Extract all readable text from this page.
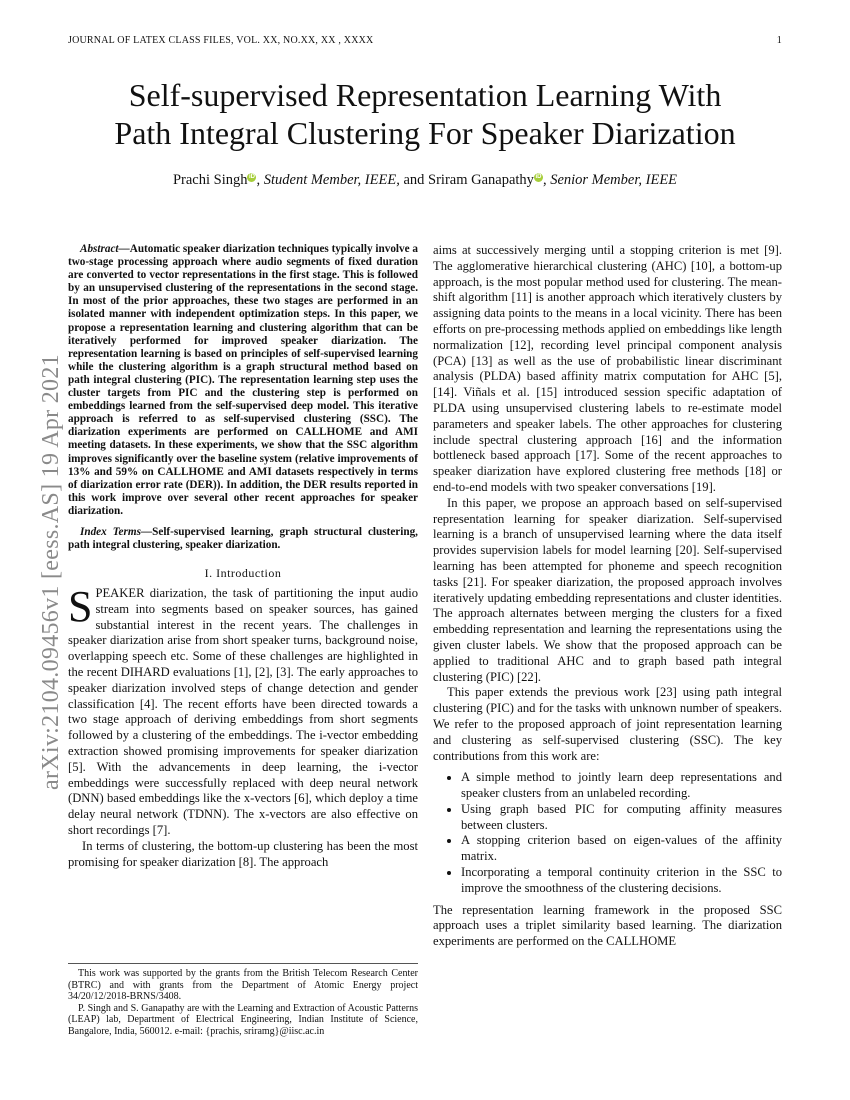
JOURNAL OF LATEX CLASS FILES, VOL. XX, NO.XX, XX , XXXX	1
arXiv:2104.09456v1 [eess.AS] 19 Apr 2021
Self-supervised Representation Learning With
Path Integral Clustering For Speaker Diarization
Prachi Singh iD , Student Member, IEEE, and Sriram Ganapathy iD , Senior Member, IEEE

Abstract—Automatic speaker diarization techniques typically involve a two-stage processing approach where audio segments of fixed duration are converted to vector representations in the first stage. This is followed by an unsupervised clustering of the representations in the second stage. In most of the prior approaches, these two stages are performed in an isolated manner with independent optimization steps. In this paper, we propose a representation learning and clustering algorithm that can be iteratively performed for improved speaker diarization. The representation learning is based on principles of self-supervised learning while the clustering algorithm is a graph structural method based on path integral clustering (PIC). The representation learning step uses the cluster targets from PIC and the clustering step is performed on embeddings learned from the self-supervised deep model. This iterative approach is referred to as self-supervised clustering (SSC). The diarization experiments are performed on CALLHOME and AMI meeting datasets. In these experiments, we show that the SSC algorithm improves significantly over the baseline system (relative improvements of 13% and 59% on CALLHOME and AMI datasets respectively in terms of diarization error rate (DER)). In addition, the DER results reported in this work improve over several other recent approaches for speaker diarization.

Index Terms—Self-supervised learning, graph structural clustering, path integral clustering, speaker diarization.

I. Introduction

SPEAKER diarization, the task of partitioning the input audio stream into segments based on speaker sources, has gained substantial interest in the recent years. The challenges in speaker diarization arise from short speaker turns, background noise, overlapping speech etc. Some of these challenges are highlighted in the recent DIHARD evaluations [1], [2], [3]. The early approaches to speaker diarization involved steps of change detection and gender classification [4]. The recent efforts have been directed towards a two stage approach of deriving embeddings from short segments followed by a clustering of the embeddings. The i-vector embedding extraction showed promising improvements for speaker diarization [5]. With the advancements in deep learning, the i-vector embeddings were successfully replaced with deep neural network (DNN) based embeddings like the x-vectors [6], which deploy a time delay neural network (TDNN). The x-vectors are also effective on short recordings [7].

In terms of clustering, the bottom-up clustering has been the most promising for speaker diarization [8]. The approach

This work was supported by the grants from the British Telecom Research Center (BTRC) and with grants from the Department of Atomic Energy project 34/20/12/2018-BRNS/3408.

P. Singh and S. Ganapathy are with the Learning and Extraction of Acoustic Patterns (LEAP) lab, Department of Electrical Engineering, Indian Institute of Science, Bangalore, India, 560012. e-mail: {prachis, sriramg}@iisc.ac.in

aims at successively merging until a stopping criterion is met [9]. The agglomerative hierarchical clustering (AHC) [10], a bottom-up approach, is the most popular method used for clustering. The mean-shift algorithm [11] is another approach which iteratively clusters by assigning data points to the means in a local vicinity. There has been efforts on pre-processing methods applied on embeddings like length normalization [12], recording level principal component analysis (PCA) [13] as well as the use of probabilistic linear discriminant analysis (PLDA) based affinity matrix computation for AHC [5], [14]. Viñals et al. [15] introduced session specific adaptation of PLDA using unsupervised clustering labels to re-estimate model parameters and speaker labels. The other approaches for clustering include spectral clustering approach [16] and the information bottleneck based approach [17]. Some of the recent approaches to speaker diarization have explored clustering free methods [18] or end-to-end models with two speaker conversations [19].

In this paper, we propose an approach based on self-supervised representation learning for speaker diarization. Self-supervised learning is a branch of unsupervised learning where the data itself provides supervision labels for model learning [20]. Self-supervised learning has been attempted for phoneme and speech recognition tasks [21]. For speaker diarization, the proposed approach involves iteratively updating embedding representations and cluster identities. The approach alternates between merging the clusters for a fixed embedding representation and learning the representations using the given cluster labels. We show that the proposed approach can be applied to traditional AHC and to graph based path integral clustering (PIC) [22].

This paper extends the previous work [23] using path integral clustering (PIC) and for the tasks with unknown number of speakers. We refer to the proposed approach of joint representation learning and clustering as self-supervised clustering (SSC). The key contributions from this work are:

• A simple method to jointly learn deep representations and speaker clusters from an unlabeled recording.
• Using graph based PIC for computing affinity measures between clusters.
• A stopping criterion based on eigen-values of the affinity matrix.
• Incorporating a temporal continuity criterion in the SSC to improve the smoothness of the clustering decisions.

The representation learning framework in the proposed SSC approach uses a triplet similarity based learning. The diarization experiments are performed on the CALLHOME
